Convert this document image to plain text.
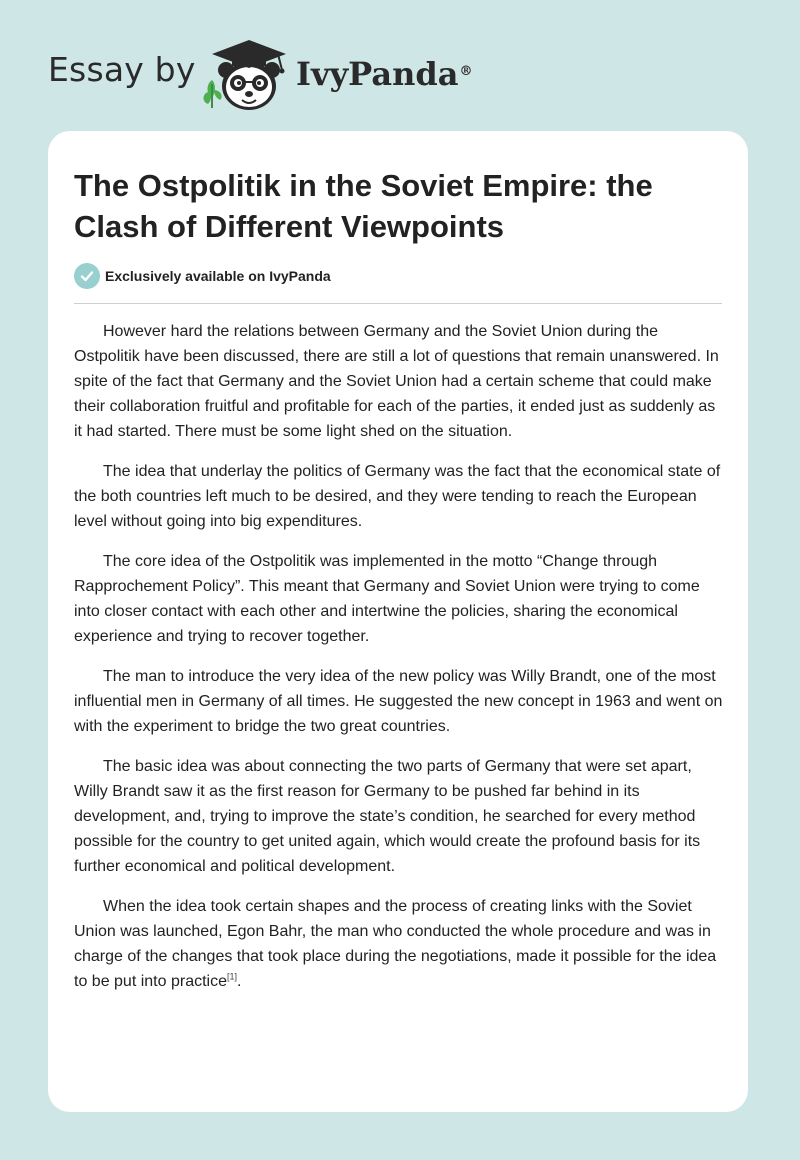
Essay by	IvyPanda®
The Ostpolitik in the Soviet Empire: the Clash of Different Viewpoints
Exclusively available on IvyPanda

However hard the relations between Germany and the Soviet Union during the Ostpolitik have been discussed, there are still a lot of questions that remain unanswered. In spite of the fact that Germany and the Soviet Union had a certain scheme that could make their collaboration fruitful and profitable for each of the parties, it ended just as suddenly as it had started. There must be some light shed on the situation.

The idea that underlay the politics of Germany was the fact that the economical state of the both countries left much to be desired, and they were tending to reach the European level without going into big expenditures.

The core idea of the Ostpolitik was implemented in the motto “Change through Rapprochement Policy”. This meant that Germany and Soviet Union were trying to come into closer contact with each other and intertwine the policies, sharing the economical experience and trying to recover together.

The man to introduce the very idea of the new policy was Willy Brandt, one of the most influential men in Germany of all times. He suggested the new concept in 1963 and went on with the experiment to bridge the two great countries.

The basic idea was about connecting the two parts of Germany that were set apart, Willy Brandt saw it as the first reason for Germany to be pushed far behind in its development, and, trying to improve the state’s condition, he searched for every method possible for the country to get united again, which would create the profound basis for its further economical and political development.

When the idea took certain shapes and the process of creating links with the Soviet Union was launched, Egon Bahr, the man who conducted the whole procedure and was in charge of the changes that took place during the negotiations, made it possible for the idea to be put into practice[1].
